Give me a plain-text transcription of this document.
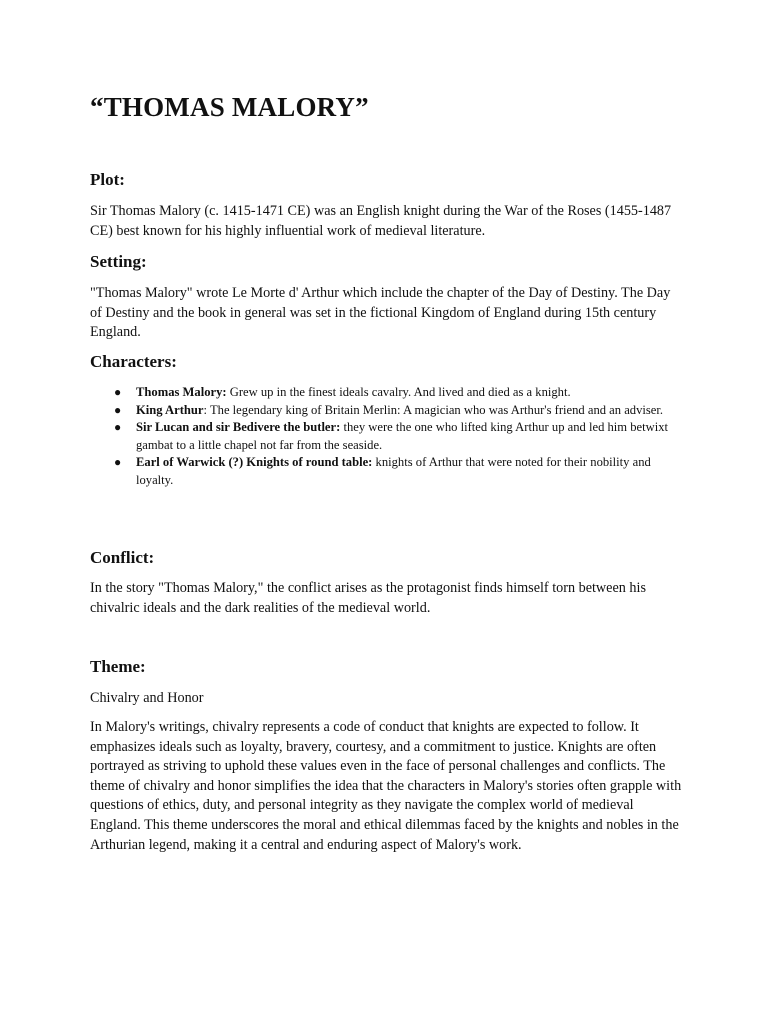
“THOMAS MALORY”
Plot:

Sir Thomas Malory (c. 1415-1471 CE) was an English knight during the War of the Roses (1455-1487 CE) best known for his highly influential work of medieval literature.

Setting:

"Thomas Malory" wrote Le Morte d' Arthur which include the chapter of the Day of Destiny. The Day of Destiny and the book in general was set in the fictional Kingdom of England during 15th century England.

Characters:
● Thomas Malory: Grew up in the finest ideals cavalry. And lived and died as a knight.
● King Arthur: The legendary king of Britain Merlin: A magician who was Arthur's friend and an adviser.
● Sir Lucan and sir Bedivere the butler: they were the one who lifted king Arthur up and led him betwixt gambat to a little chapel not far from the seaside.
● Earl of Warwick (?) Knights of round table: knights of Arthur that were noted for their nobility and loyalty.
Conflict:

In the story "Thomas Malory," the conflict arises as the protagonist finds himself torn between his chivalric ideals and the dark realities of the medieval world.

Theme:

Chivalry and Honor

In Malory's writings, chivalry represents a code of conduct that knights are expected to follow. It emphasizes ideals such as loyalty, bravery, courtesy, and a commitment to justice. Knights are often portrayed as striving to uphold these values even in the face of personal challenges and conflicts. The theme of chivalry and honor simplifies the idea that the characters in Malory's stories often grapple with questions of ethics, duty, and personal integrity as they navigate the complex world of medieval England. This theme underscores the moral and ethical dilemmas faced by the knights and nobles in the Arthurian legend, making it a central and enduring aspect of Malory's work.
